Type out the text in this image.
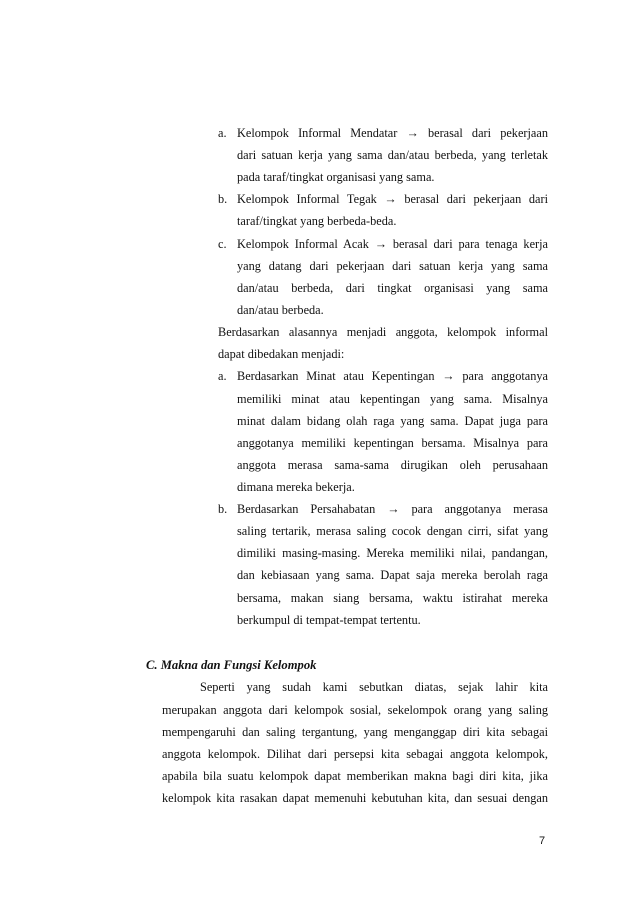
a. Kelompok Informal Mendatar → berasal dari pekerjaan
dari satuan kerja yang sama dan/atau berbeda, yang terletak
pada taraf/tingkat organisasi yang sama.
b. Kelompok Informal Tegak → berasal dari pekerjaan dari
taraf/tingkat yang berbeda-beda.
c. Kelompok Informal Acak → berasal dari para tenaga kerja
yang datang dari pekerjaan dari satuan kerja yang sama
dan/atau berbeda, dari tingkat organisasi yang sama
dan/atau berbeda.
Berdasarkan alasannya menjadi anggota, kelompok informal
dapat dibedakan menjadi:
a. Berdasarkan Minat atau Kepentingan → para anggotanya
memiliki minat atau kepentingan yang sama. Misalnya
minat dalam bidang olah raga yang sama. Dapat juga para
anggotanya memiliki kepentingan bersama. Misalnya para
anggota merasa sama-sama dirugikan oleh perusahaan
dimana mereka bekerja.
b. Berdasarkan Persahabatan → para anggotanya merasa
saling tertarik, merasa saling cocok dengan cirri, sifat yang
dimiliki masing-masing. Mereka memiliki nilai, pandangan,
dan kebiasaan yang sama. Dapat saja mereka berolah raga
bersama, makan siang bersama, waktu istirahat mereka
berkumpul di tempat-tempat tertentu.
C. Makna dan Fungsi Kelompok
Seperti yang sudah kami sebutkan diatas, sejak lahir kita
merupakan anggota dari kelompok sosial, sekelompok orang yang saling
mempengaruhi dan saling tergantung, yang menganggap diri kita sebagai
anggota kelompok. Dilihat dari persepsi kita sebagai anggota kelompok,
apabila bila suatu kelompok dapat memberikan makna bagi diri kita, jika
kelompok kita rasakan dapat memenuhi kebutuhan kita, dan sesuai dengan
7
